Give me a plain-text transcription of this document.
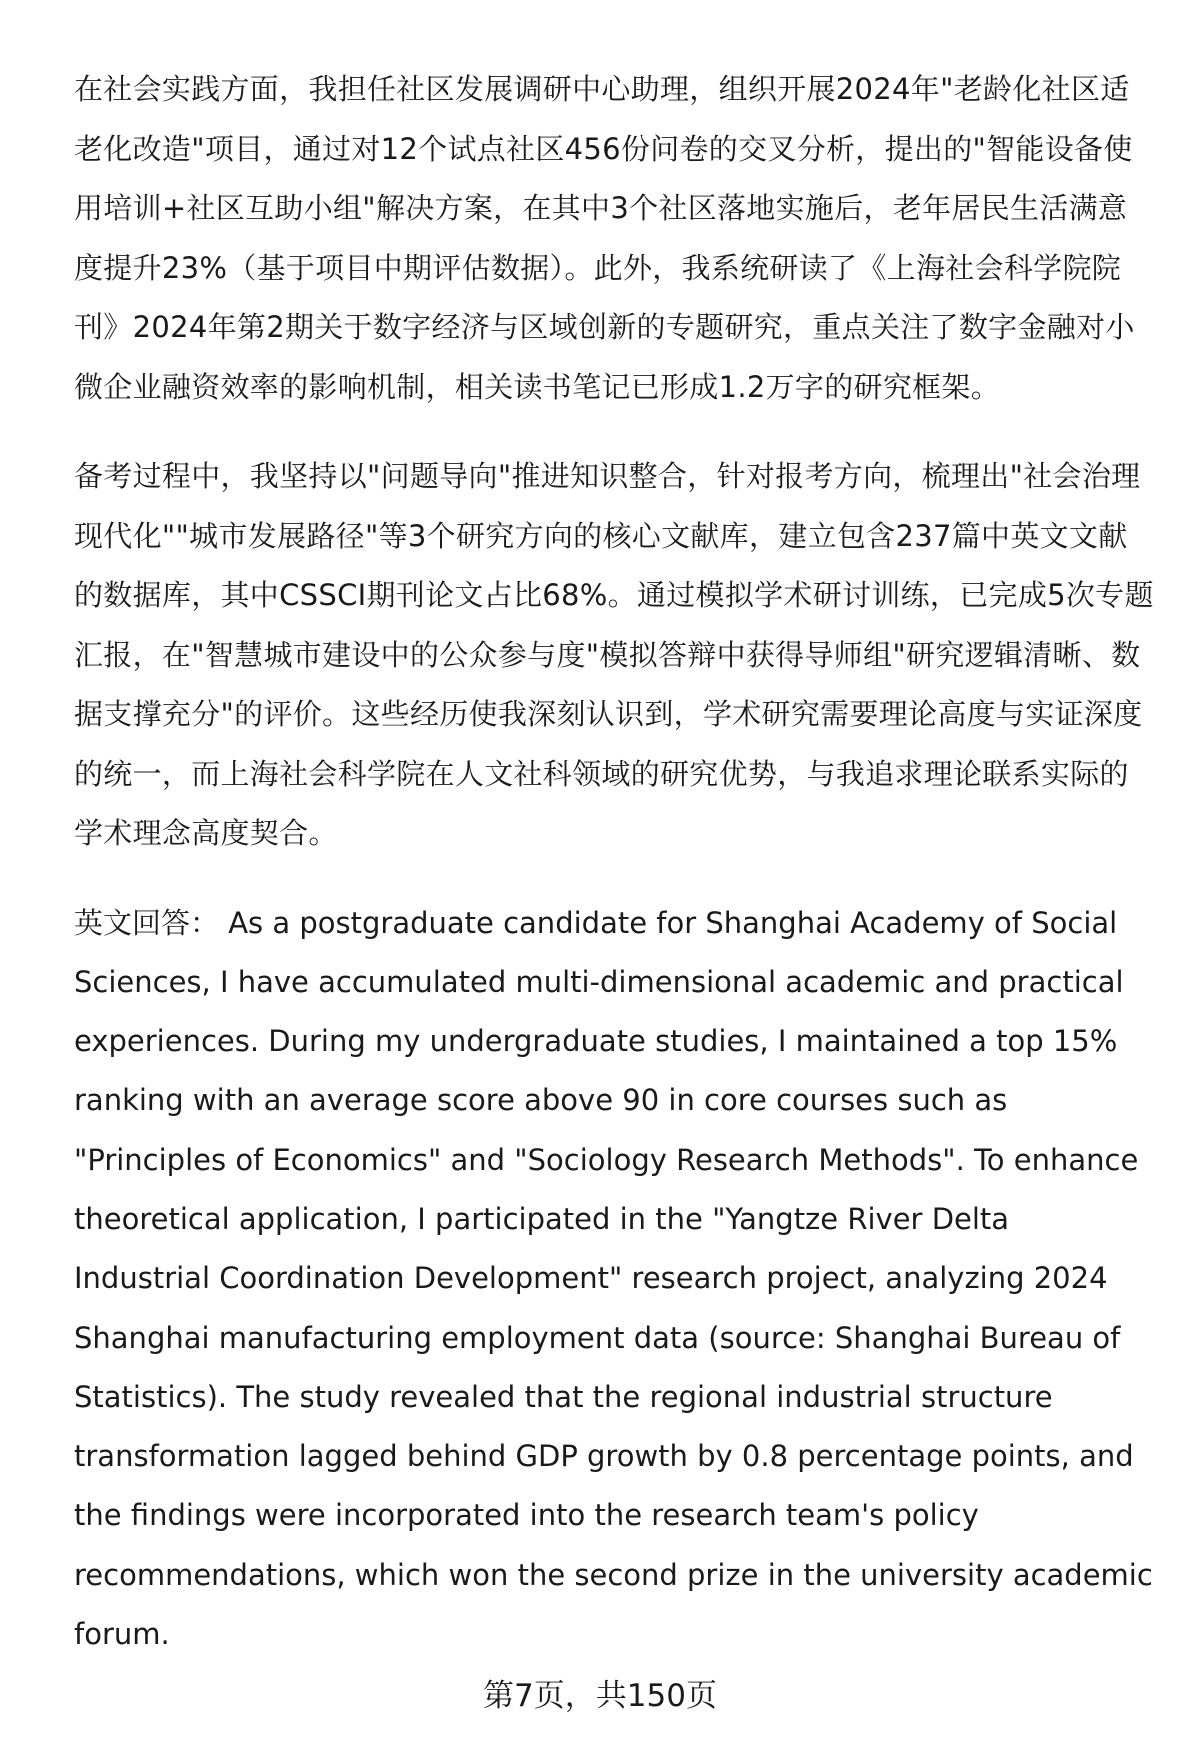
在社会实践方面，我担任社区发展调研中心助理，组织开展2024年"老龄化社区适老化改造"项目，通过对12个试点社区456份问卷的交叉分析，提出的"智能设备使用培训+社区互助小组"解决方案，在其中3个社区落地实施后，老年居民生活满意度提升23%（基于项目中期评估数据）。此外，我系统研读了《上海社会科学院院刊》2024年第2期关于数字经济与区域创新的专题研究，重点关注了数字金融对小微企业融资效率的影响机制，相关读书笔记已形成1.2万字的研究框架。

备考过程中，我坚持以"问题导向"推进知识整合，针对报考方向，梳理出"社会治理现代化""城市发展路径"等3个研究方向的核心文献库，建立包含237篇中英文文献的数据库，其中CSSCI期刊论文占比68%。通过模拟学术研讨训练，已完成5次专题汇报，在"智慧城市建设中的公众参与度"模拟答辩中获得导师组"研究逻辑清晰、数据支撑充分"的评价。这些经历使我深刻认识到，学术研究需要理论高度与实证深度的统一，而上海社会科学院在人文社科领域的研究优势，与我追求理论联系实际的学术理念高度契合。

英文回答： As a postgraduate candidate for Shanghai Academy of Social Sciences, I have accumulated multi-dimensional academic and practical experiences. During my undergraduate studies, I maintained a top 15% ranking with an average score above 90 in core courses such as "Principles of Economics" and "Sociology Research Methods". To enhance theoretical application, I participated in the "Yangtze River Delta Industrial Coordination Development" research project, analyzing 2024 Shanghai manufacturing employment data (source: Shanghai Bureau of Statistics). The study revealed that the regional industrial structure transformation lagged behind GDP growth by 0.8 percentage points, and the findings were incorporated into the research team's policy recommendations, which won the second prize in the university academic forum.

第7页，共150页
